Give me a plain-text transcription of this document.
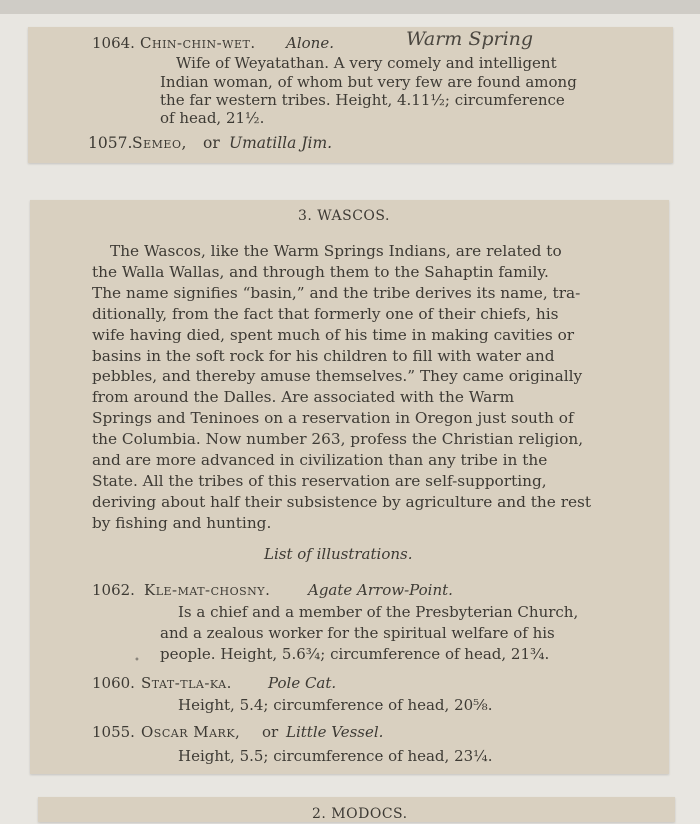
1064. Chin-chin-wet. Alone.	Warm Spring
Wife of Weyatathan. A very comely and intelligent
Indian woman, of whom but very few are found among
the far western tribes. Height, 4.11½; circumference
of head, 21½.
1057. Semeo, or Umatilla Jim.
3. WASCOS.
The Wascos, like the Warm Springs Indians, are related to
the Walla Wallas, and through them to the Sahaptin family.
The name signifies “basin,” and the tribe derives its name, tra-
ditionally, from the fact that formerly one of their chiefs, his
wife having died, spent much of his time in making cavities or
basins in the soft rock for his children to fill with water and
pebbles, and thereby amuse themselves.” They came originally
from around the Dalles. Are associated with the Warm
Springs and Teninoes on a reservation in Oregon just south of
the Columbia. Now number 263, profess the Christian religion,
and are more advanced in civilization than any tribe in the
State. All the tribes of this reservation are self-supporting,
deriving about half their subsistence by agriculture and the rest
by fishing and hunting.
List of illustrations.
1062. Kle-mat-chosny.	Agate Arrow-Point.
Is a chief and a member of the Presbyterian Church,
and a zealous worker for the spiritual welfare of his
people. Height, 5.6¾; circumference of head, 21¾.
1060. Stat-tla-ka. Pole Cat.
Height, 5.4; circumference of head, 20⅝.
1055. Oscar Mark, or Little Vessel.
Height, 5.5; circumference of head, 23¼.
•
2. MODOCS.
